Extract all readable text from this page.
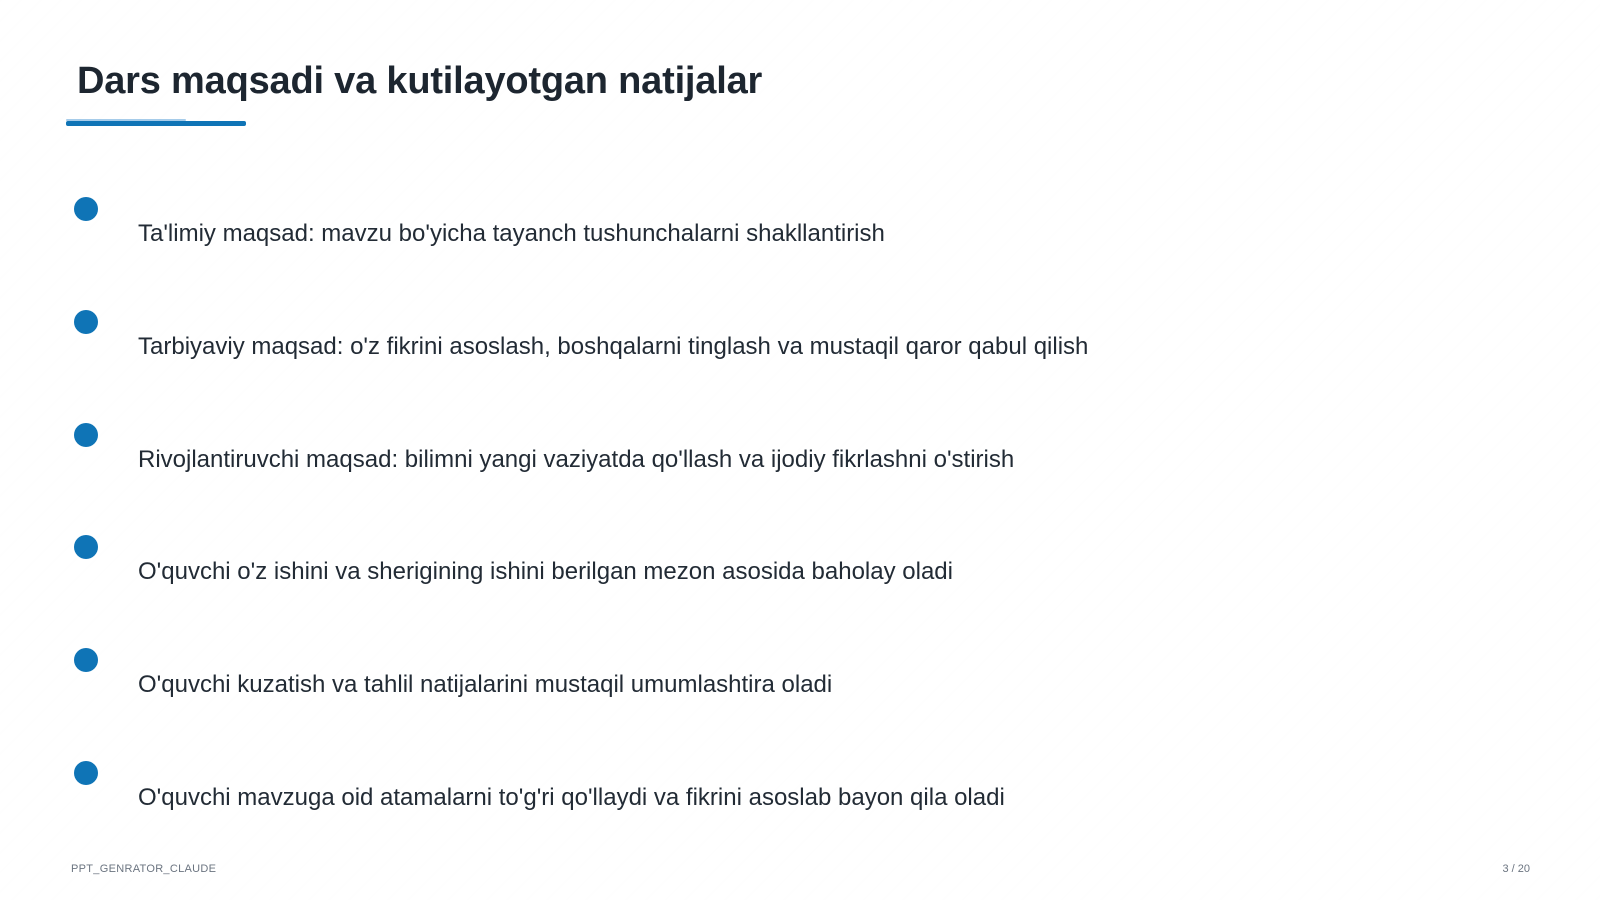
Dars maqsadi va kutilayotgan natijalar
Ta'limiy maqsad: mavzu bo'yicha tayanch tushunchalarni shakllantirish
Tarbiyaviy maqsad: o'z fikrini asoslash, boshqalarni tinglash va mustaqil qaror qabul qilish
Rivojlantiruvchi maqsad: bilimni yangi vaziyatda qo'llash va ijodiy fikrlashni o'stirish
O'quvchi o'z ishini va sherigining ishini berilgan mezon asosida baholay oladi
O'quvchi kuzatish va tahlil natijalarini mustaqil umumlashtira oladi
O'quvchi mavzuga oid atamalarni to'g'ri qo'llaydi va fikrini asoslab bayon qila oladi
PPT_GENRATOR_CLAUDE	3 / 20
